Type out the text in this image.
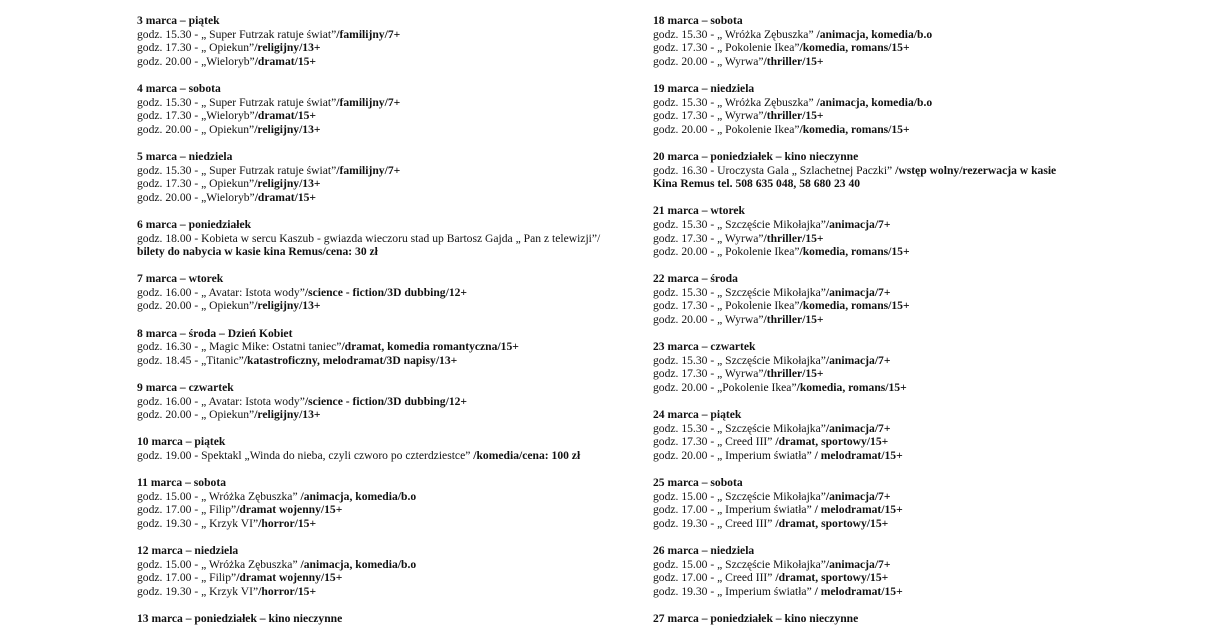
3 marca – piątek
godz. 15.30 - „ Super Futrzak ratuje świat”/familijny/7+
godz. 17.30 - „ Opiekun”/religijny/13+
godz. 20.00 - „Wieloryb”/dramat/15+
4 marca – sobota
godz. 15.30 - „ Super Futrzak ratuje świat”/familijny/7+
godz. 17.30 - „Wieloryb”/dramat/15+
godz. 20.00 - „ Opiekun”/religijny/13+
5 marca – niedziela
godz. 15.30 - „ Super Futrzak ratuje świat”/familijny/7+
godz. 17.30 - „ Opiekun”/religijny/13+
godz. 20.00 - „Wieloryb”/dramat/15+
6 marca – poniedziałek
godz. 18.00 - Kobieta w sercu Kaszub - gwiazda wieczoru stad up Bartosz Gajda „ Pan z telewizji”/
bilety do nabycia w kasie kina Remus/cena: 30 zł
7 marca – wtorek
godz. 16.00 - „ Avatar: Istota wody”/science - fiction/3D dubbing/12+
godz. 20.00 - „ Opiekun”/religijny/13+
8 marca – środa – Dzień Kobiet
godz. 16.30 - „ Magic Mike: Ostatni taniec”/dramat, komedia romantyczna/15+
godz. 18.45 - „Titanic”/katastroficzny, melodramat/3D napisy/13+
9 marca – czwartek
godz. 16.00 - „ Avatar: Istota wody”/science - fiction/3D dubbing/12+
godz. 20.00 - „ Opiekun”/religijny/13+
10 marca – piątek
godz. 19.00 - Spektakl „Winda do nieba, czyli czworo po czterdziestce” /komedia/cena: 100 zł
11 marca – sobota
godz. 15.00 - „ Wróżka Zębuszka” /animacja, komedia/b.o
godz. 17.00 - „ Filip”/dramat wojenny/15+
godz. 19.30 - „ Krzyk VI”/horror/15+
12 marca – niedziela
godz. 15.00 - „ Wróżka Zębuszka” /animacja, komedia/b.o
godz. 17.00 - „ Filip”/dramat wojenny/15+
godz. 19.30 - „ Krzyk VI”/horror/15+
13 marca – poniedziałek – kino nieczynne
18 marca – sobota
godz. 15.30 - „ Wróżka Zębuszka” /animacja, komedia/b.o
godz. 17.30 - „ Pokolenie Ikea”/komedia, romans/15+
godz. 20.00 - „ Wyrwa”/thriller/15+
19 marca – niedziela
godz. 15.30 - „ Wróżka Zębuszka” /animacja, komedia/b.o
godz. 17.30 - „ Wyrwa”/thriller/15+
godz. 20.00 - „ Pokolenie Ikea”/komedia, romans/15+
20 marca – poniedziałek – kino nieczynne
godz. 16.30 - Uroczysta Gala „ Szlachetnej Paczki” /wstęp wolny/rezerwacja w kasie
Kina Remus tel. 508 635 048, 58 680 23 40
21 marca – wtorek
godz. 15.30 - „ Szczęście Mikołajka”/animacja/7+
godz. 17.30 - „ Wyrwa”/thriller/15+
godz. 20.00 - „ Pokolenie Ikea”/komedia, romans/15+
22 marca – środa
godz. 15.30 - „ Szczęście Mikołajka”/animacja/7+
godz. 17.30 - „ Pokolenie Ikea”/komedia, romans/15+
godz. 20.00 - „ Wyrwa”/thriller/15+
23 marca – czwartek
godz. 15.30 - „ Szczęście Mikołajka”/animacja/7+
godz. 17.30 - „ Wyrwa”/thriller/15+
godz. 20.00 - „Pokolenie Ikea”/komedia, romans/15+
24 marca – piątek
godz. 15.30 - „ Szczęście Mikołajka”/animacja/7+
godz. 17.30 - „ Creed III” /dramat, sportowy/15+
godz. 20.00 - „ Imperium światła” / melodramat/15+
25 marca – sobota
godz. 15.00 - „ Szczęście Mikołajka”/animacja/7+
godz. 17.00 - „ Imperium światła” / melodramat/15+
godz. 19.30 - „ Creed III” /dramat, sportowy/15+
26 marca – niedziela
godz. 15.00 - „ Szczęście Mikołajka”/animacja/7+
godz. 17.00 - „ Creed III” /dramat, sportowy/15+
godz. 19.30 - „ Imperium światła” / melodramat/15+
27 marca – poniedziałek – kino nieczynne
